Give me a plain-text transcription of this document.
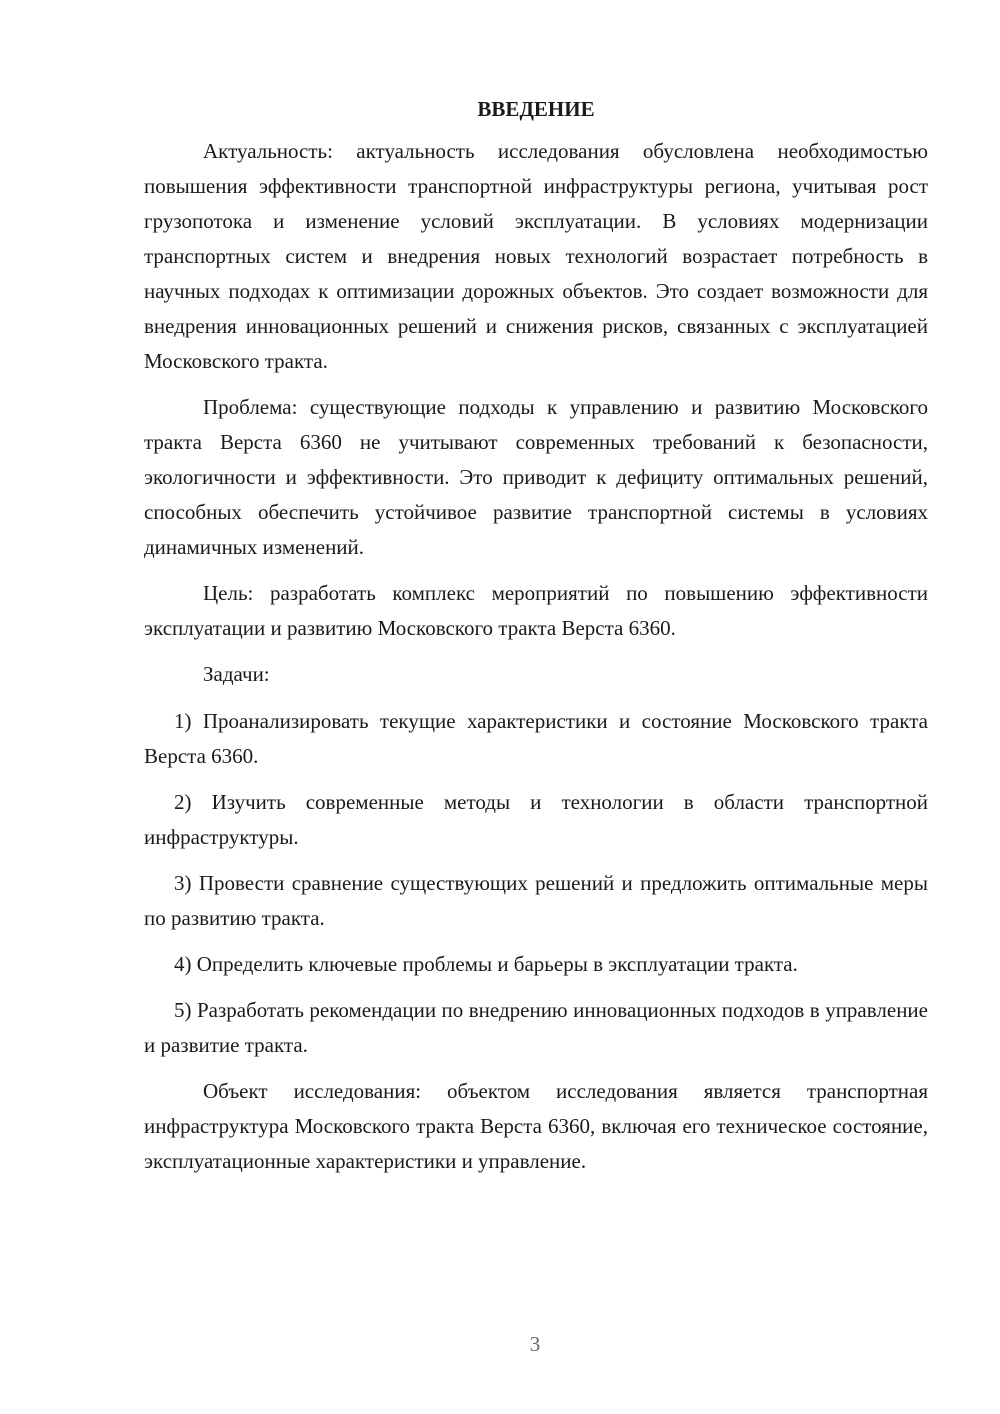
ВВЕДЕНИЕ

Актуальность: актуальность исследования обусловлена необходимостью повышения эффективности транспортной инфраструктуры региона, учитывая рост грузопотока и изменение условий эксплуатации. В условиях модернизации транспортных систем и внедрения новых технологий возрастает потребность в научных подходах к оптимизации дорожных объектов. Это создает возможности для внедрения инновационных решений и снижения рисков, связанных с эксплуатацией Московского тракта.

Проблема: существующие подходы к управлению и развитию Московского тракта Верста 6360 не учитывают современных требований к безопасности, экологичности и эффективности. Это приводит к дефициту оптимальных решений, способных обеспечить устойчивое развитие транспортной системы в условиях динамичных изменений.

Цель: разработать комплекс мероприятий по повышению эффективности эксплуатации и развитию Московского тракта Верста 6360.

Задачи:

1) Проанализировать текущие характеристики и состояние Московского тракта Верста 6360.

2) Изучить современные методы и технологии в области транспортной инфраструктуры.

3) Провести сравнение существующих решений и предложить оптимальные меры по развитию тракта.

4) Определить ключевые проблемы и барьеры в эксплуатации тракта.

5) Разработать рекомендации по внедрению инновационных подходов в управление и развитие тракта.

Объект исследования: объектом исследования является транспортная инфраструктура Московского тракта Верста 6360, включая его техническое состояние, эксплуатационные характеристики и управление.

3
